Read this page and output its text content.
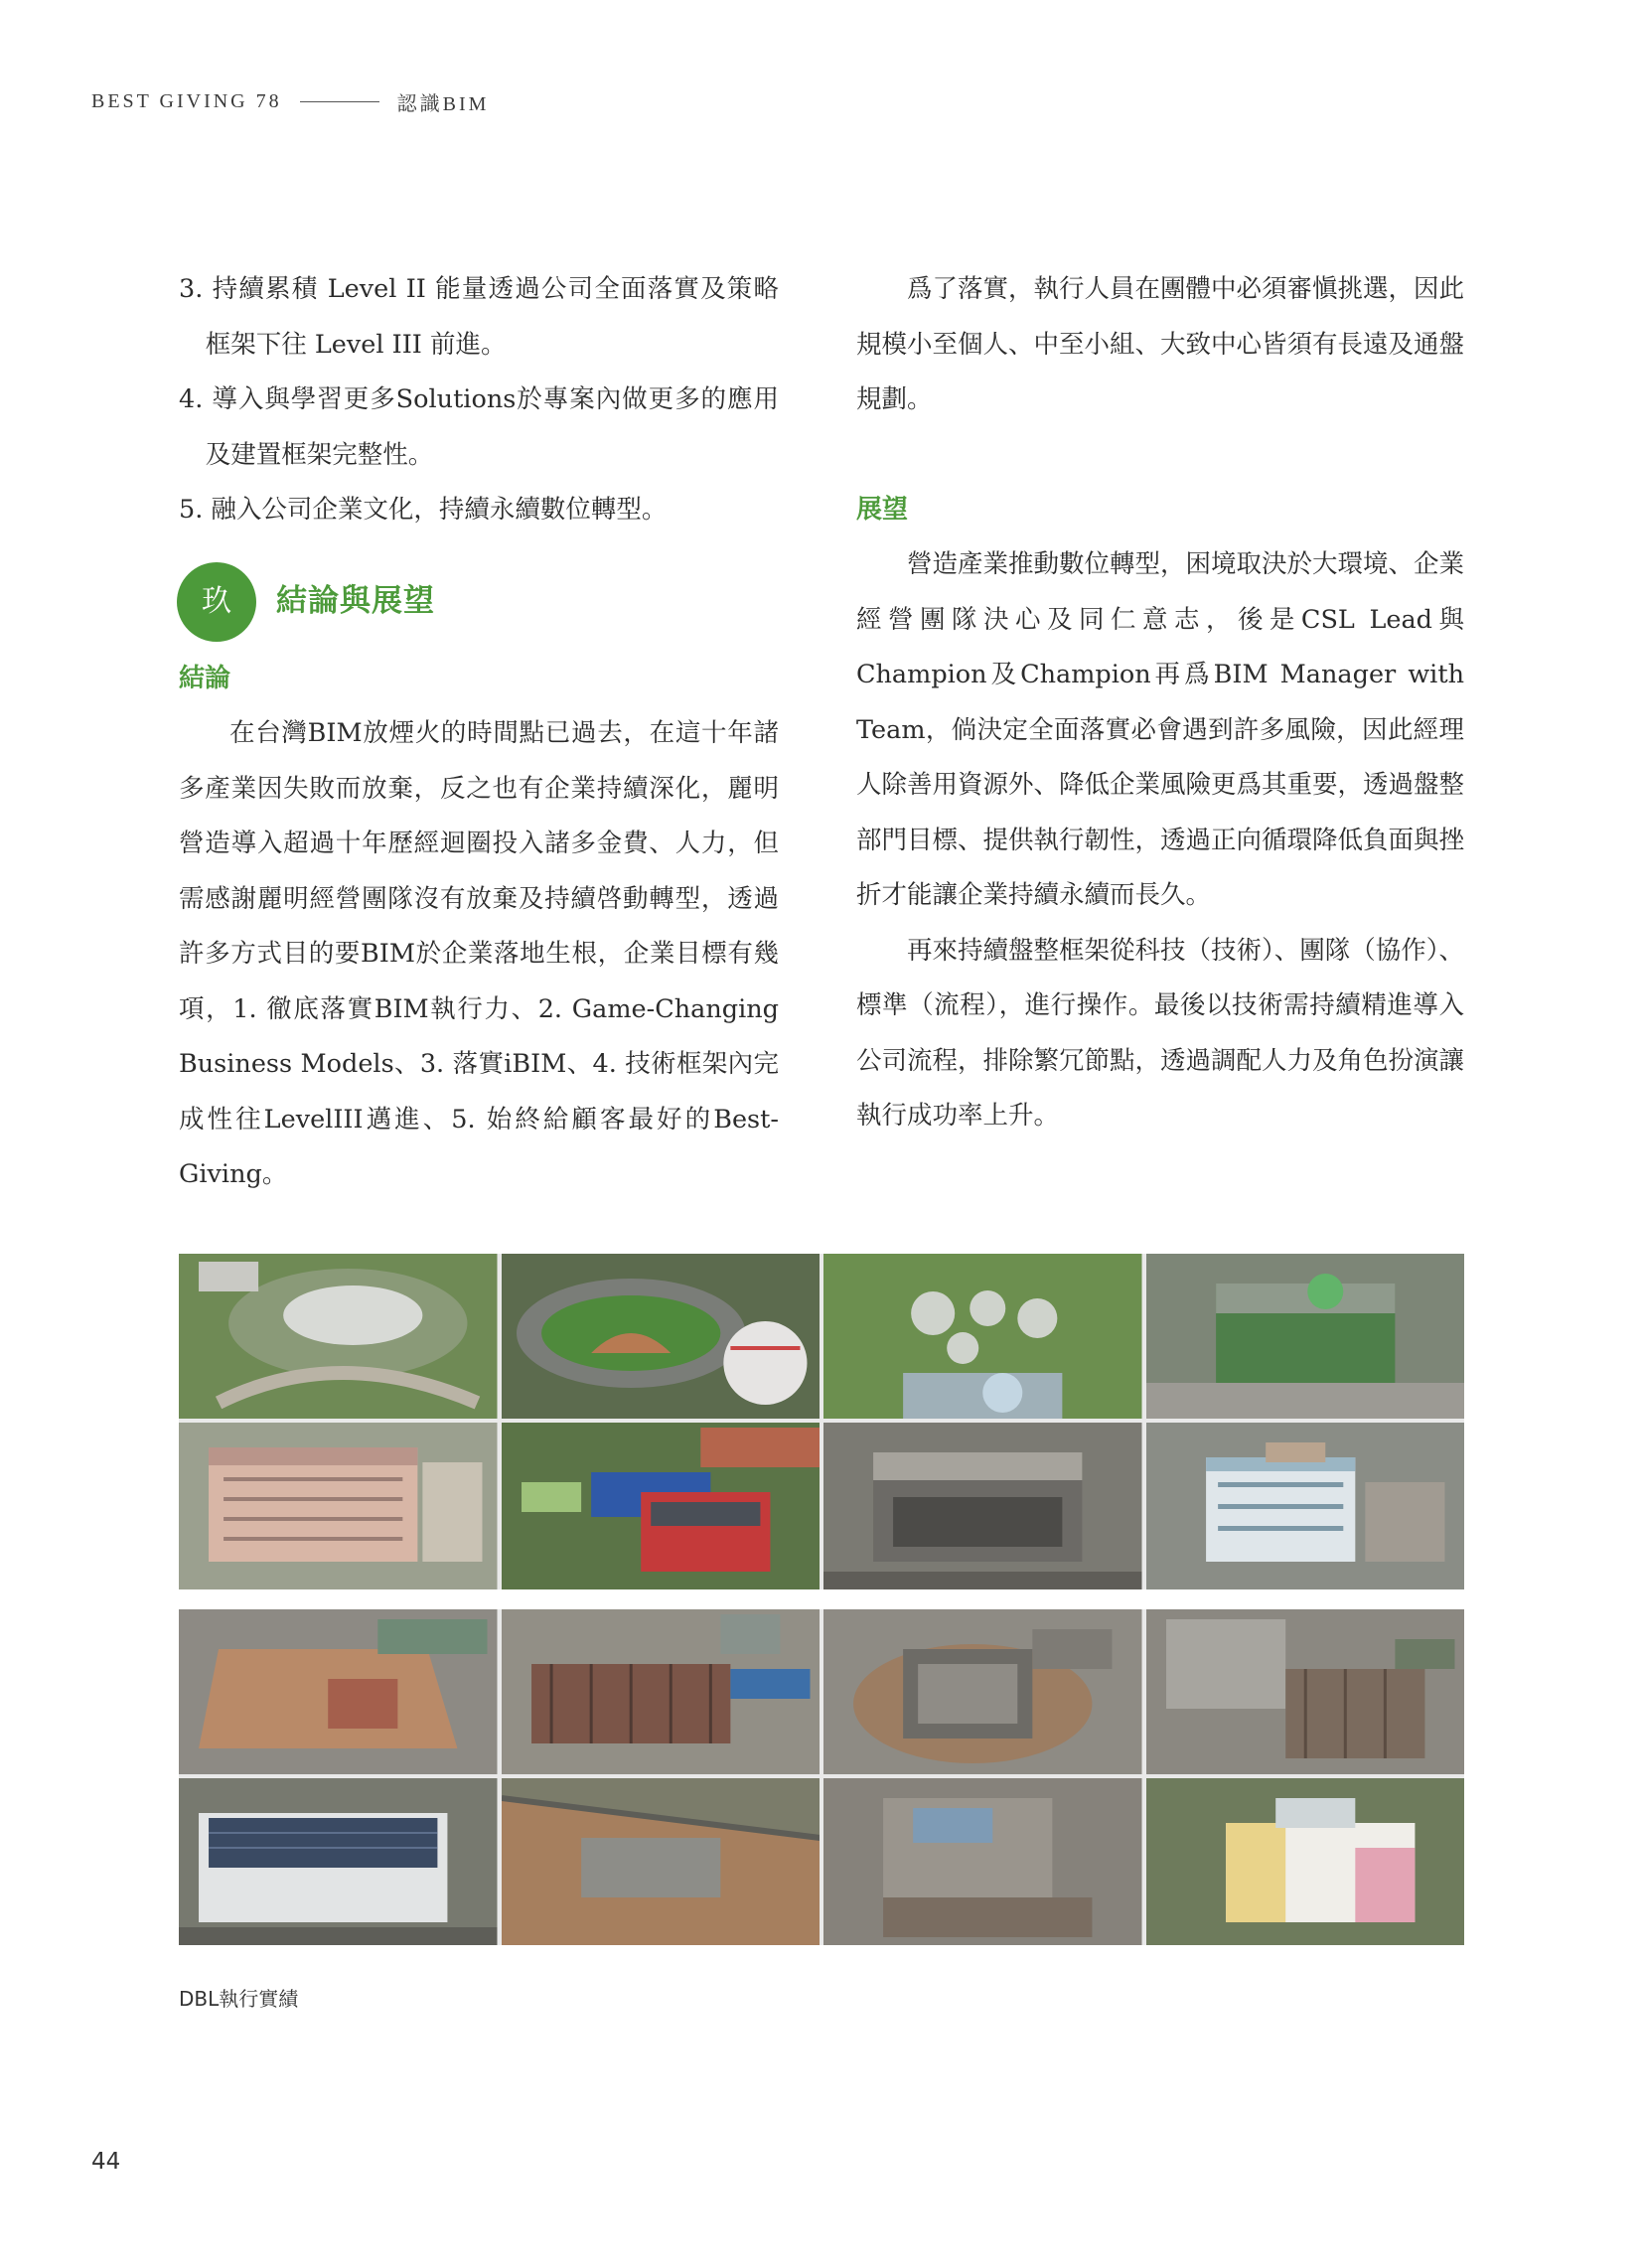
BEST GIVING 78	認識BIM

3. 持續累積 Level II 能量透過公司全面落實及策略框架下往 Level III 前進。

4. 導入與學習更多Solutions於專案內做更多的應用及建置框架完整性。

5. 融入公司企業文化，持續永續數位轉型。

玖	結論與展望

結論

在台灣BIM放煙火的時間點已過去，在這十年諸多產業因失敗而放棄，反之也有企業持續深化，麗明營造導入超過十年歷經迴圈投入諸多金費、人力，但需感謝麗明經營團隊沒有放棄及持續啓動轉型，透過許多方式目的要BIM於企業落地生根，企業目標有幾項，1. 徹底落實BIM執行力、2. Game-Changing Business Models、3. 落實iBIM、4. 技術框架內完成性往LevelIII邁進、5. 始終給顧客最好的Best-Giving。

爲了落實，執行人員在團體中必須審愼挑選，因此規模小至個人、中至小組、大致中心皆須有長遠及通盤規劃。

展望

營造產業推動數位轉型，困境取決於大環境、企業經營團隊決心及同仁意志，後是CSL Lead與Champion及Champion再爲BIM Manager with Team，倘決定全面落實必會遇到許多風險，因此經理人除善用資源外、降低企業風險更爲其重要，透過盤整部門目標、提供執行韌性，透過正向循環降低負面與挫折才能讓企業持續永續而長久。

再來持續盤整框架從科技（技術）、團隊（協作）、標準（流程），進行操作。最後以技術需持續精進導入公司流程，排除繁冗節點，透過調配人力及角色扮演讓執行成功率上升。

DBL執行實績
44
